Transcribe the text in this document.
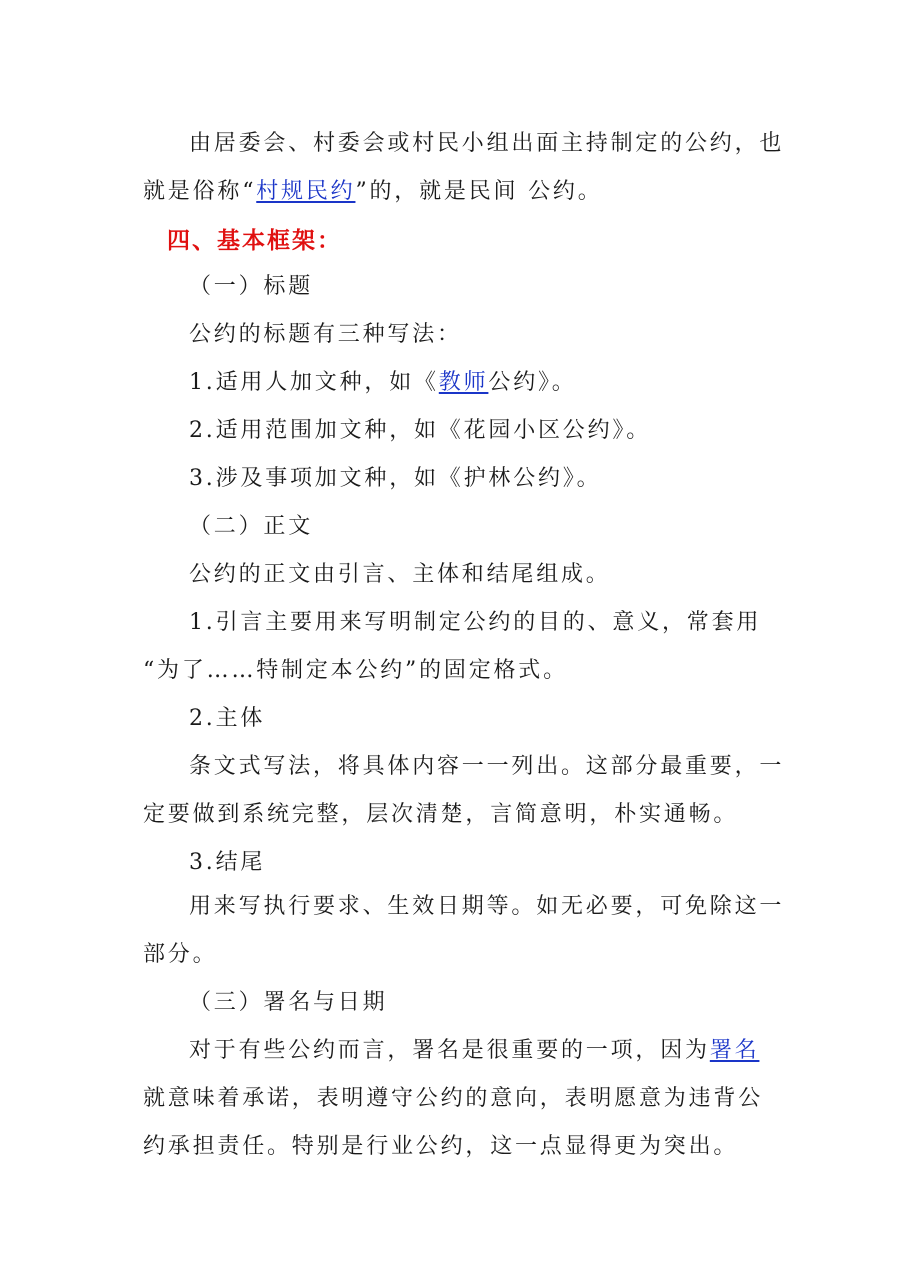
由居委会、村委会或村民小组出面主持制定的公约，也
就是俗称“村规民约”的，就是民间 公约。
四、基本框架：
（一）标题
公约的标题有三种写法：
1.适用人加文种，如《教师公约》。
2.适用范围加文种，如《花园小区公约》。
3.涉及事项加文种，如《护林公约》。
（二）正文
公约的正文由引言、主体和结尾组成。
1.引言主要用来写明制定公约的目的、意义，常套用
“为了……特制定本公约”的固定格式。
2.主体
条文式写法，将具体内容一一列出。这部分最重要，一
定要做到系统完整，层次清楚，言简意明，朴实通畅。
3.结尾
用来写执行要求、生效日期等。如无必要，可免除这一
部分。
（三）署名与日期
对于有些公约而言，署名是很重要的一项，因为署名
就意味着承诺，表明遵守公约的意向，表明愿意为违背公
约承担责任。特别是行业公约，这一点显得更为突出。
